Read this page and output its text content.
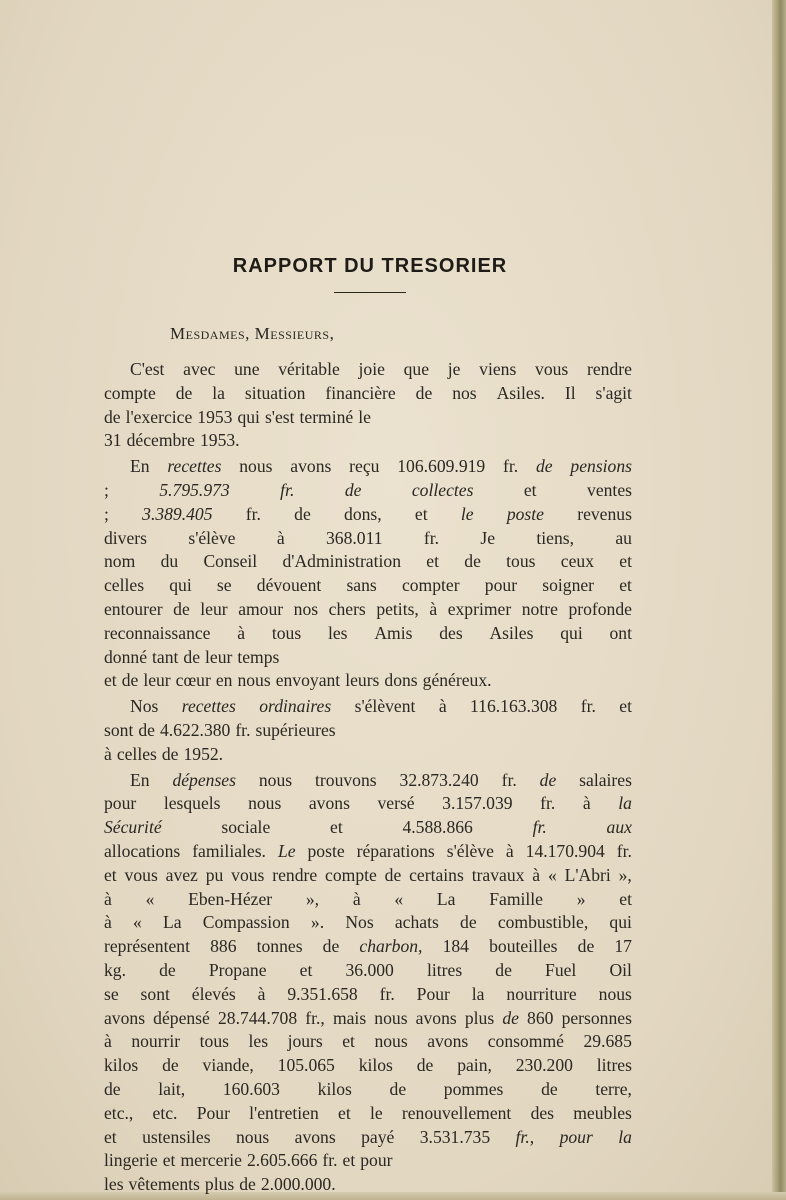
RAPPORT DU TRESORIER
Mesdames, Messieurs,
C'est avec une véritable joie que je viens vous rendre
compte de la situation financière de nos Asiles. Il s'agit
de l'exercice 1953 qui s'est terminé le
31 décembre 1953.
En recettes nous avons reçu 106.609.919 fr. de pensions
;	5.795.973	fr.	de	collectes	et	ventes
; 3.389.405 fr. de dons, et le poste revenus
divers s'élève à 368.011 fr. Je tiens, au
nom du Conseil d'Administration et de tous ceux et
celles qui se dévouent sans compter pour soigner et
entourer de leur amour nos chers petits, à exprimer notre profonde
reconnaissance à tous les Amis des Asiles qui ont
donné tant de leur temps
et de leur cœur en nous envoyant leurs dons généreux.
Nos recettes ordinaires s'élèvent à 116.163.308 fr. et
sont de 4.622.380 fr. supérieures
à celles de 1952.
En dépenses nous trouvons 32.873.240 fr. de salaires
pour lesquels nous avons versé 3.157.039 fr. à la
Sécurité	sociale	et	4.588.866	fr.	aux
allocations familiales. Le poste réparations s'élève à 14.170.904 fr.
et vous avez pu vous rendre compte de certains travaux à « L'Abri »,
à « Eben-Hézer », à « La Famille » et
à « La Compassion ». Nos achats de combustible, qui
représentent 886 tonnes de charbon, 184 bouteilles de 17
kg. de Propane et 36.000 litres de Fuel Oil
se sont élevés à 9.351.658 fr. Pour la nourriture nous
avons dépensé 28.744.708 fr., mais nous avons plus de 860 personnes
à nourrir tous les jours et nous avons consommé 29.685
kilos de viande, 105.065 kilos de pain, 230.200 litres
de lait, 160.603 kilos de pommes de terre,
etc., etc. Pour l'entretien et le renouvellement des meubles
et ustensiles nous avons payé 3.531.735 fr., pour la
lingerie et mercerie 2.605.666 fr. et pour
les vêtements plus de 2.000.000.
